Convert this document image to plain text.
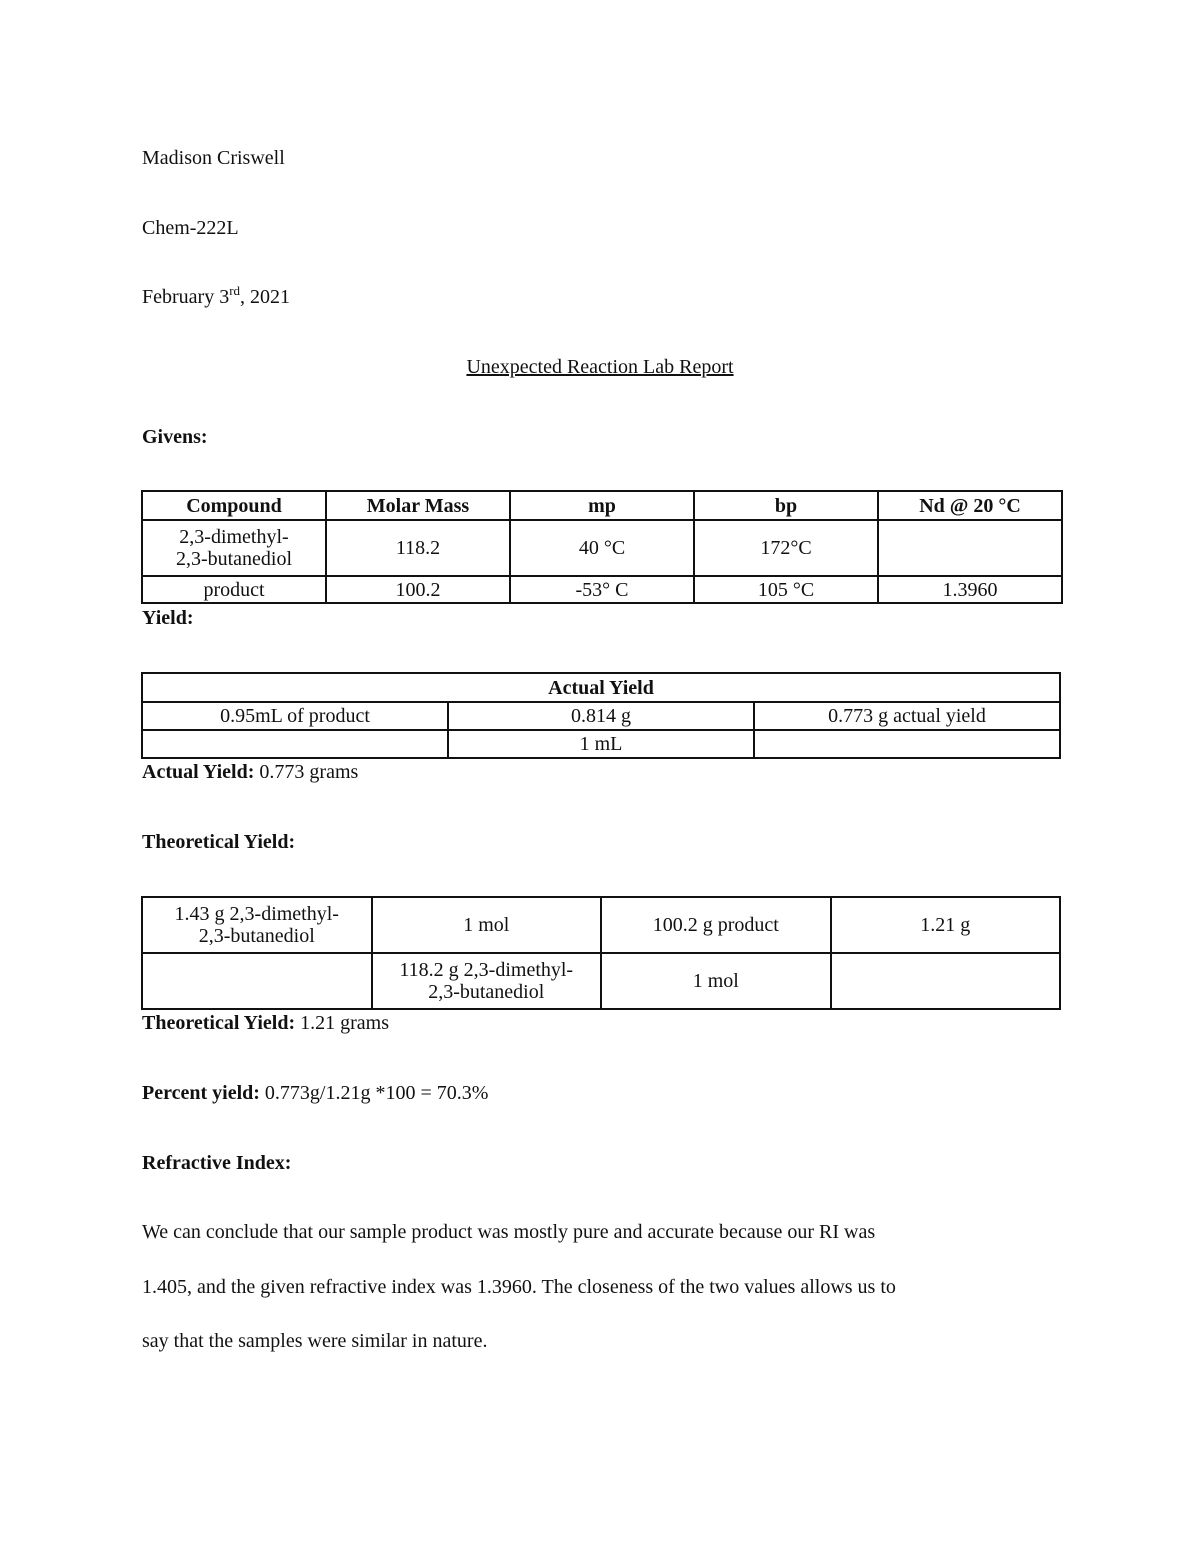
Madison Criswell
Chem-222L
February 3rd, 2021
Unexpected Reaction Lab Report
Givens:
Compound	Molar Mass	mp	bp	Nd @ 20 °C
2,3-dimethyl-
2,3-butanediol	118.2	40 °C	172°C	
product	100.2	-53° C	105 °C	1.3960
Yield:
Actual Yield		
0.95mL of product	0.814 g	0.773 g actual yield
	1 mL	
Actual Yield: 0.773 grams
Theoretical Yield:
1.43 g 2,3-dimethyl-
2,3-butanediol	1 mol	100.2 g product	1.21 g
	118.2 g 2,3-dimethyl-
2,3-butanediol	1 mol	
Theoretical Yield: 1.21 grams
Percent yield: 0.773g/1.21g *100 = 70.3%
Refractive Index:
We can conclude that our sample product was mostly pure and accurate because our RI was
1.405, and the given refractive index was 1.3960. The closeness of the two values allows us to
say that the samples were similar in nature.
